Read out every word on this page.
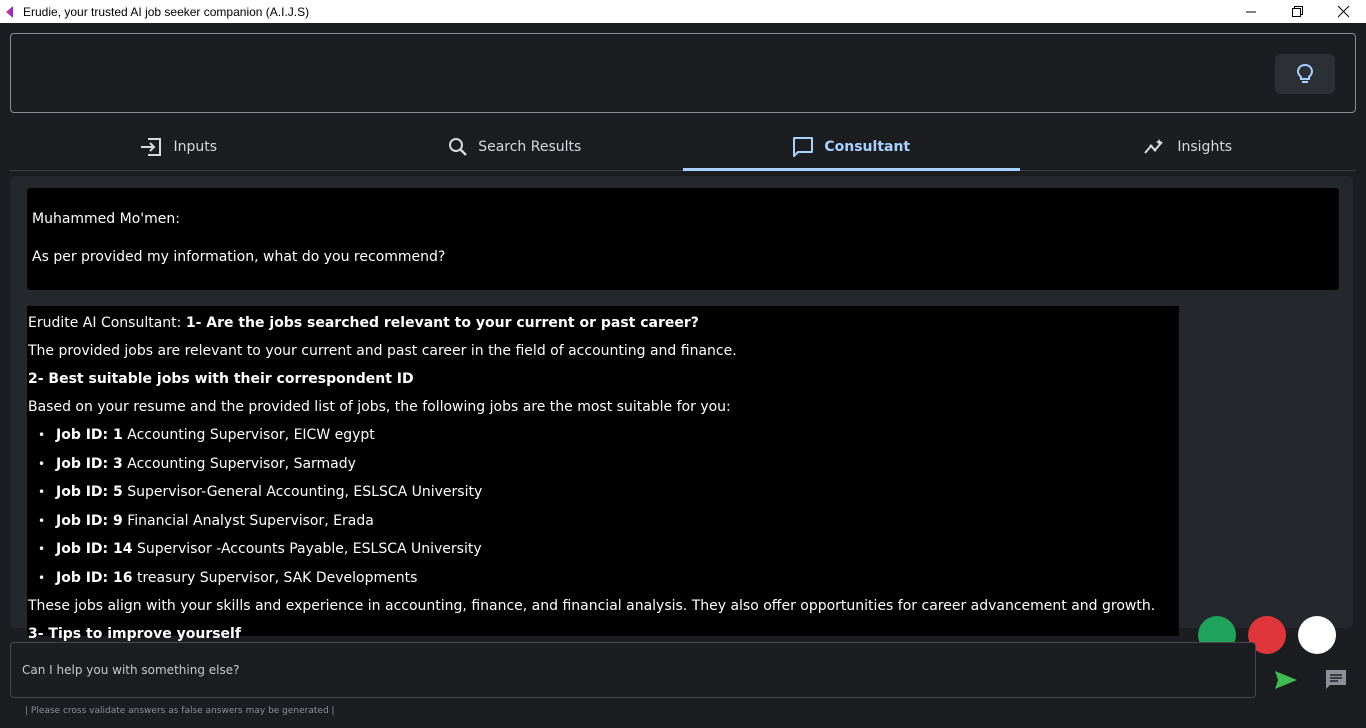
Erudie, your trusted AI job seeker companion (A.I.J.S)
Inputs	Search Results	Consultant	Insights
Muhammed Mo'men:
As per provided my information, what do you recommend?
Erudite AI Consultant: 1- Are the jobs searched relevant to your current or past career?
The provided jobs are relevant to your current and past career in the field of accounting and finance.
2- Best suitable jobs with their correspondent ID
Based on your resume and the provided list of jobs, the following jobs are the most suitable for you:
• Job ID: 1
Accounting Supervisor, EICW egypt
• Job ID: 3
Accounting Supervisor, Sarmady
• Job ID: 5
Supervisor-General Accounting, ESLSCA University
• Job ID: 9
Financial Analyst Supervisor, Erada
• Job ID: 14
Supervisor -Accounts Payable, ESLSCA University
• Job ID: 16
treasury Supervisor, SAK Developments
These jobs align with your skills and experience in accounting, finance, and financial analysis. They also offer opportunities for career advancement and growth.
3- Tips to improve yourself
Can I help you with something else?
| Please cross validate answers as false answers may be generated |
